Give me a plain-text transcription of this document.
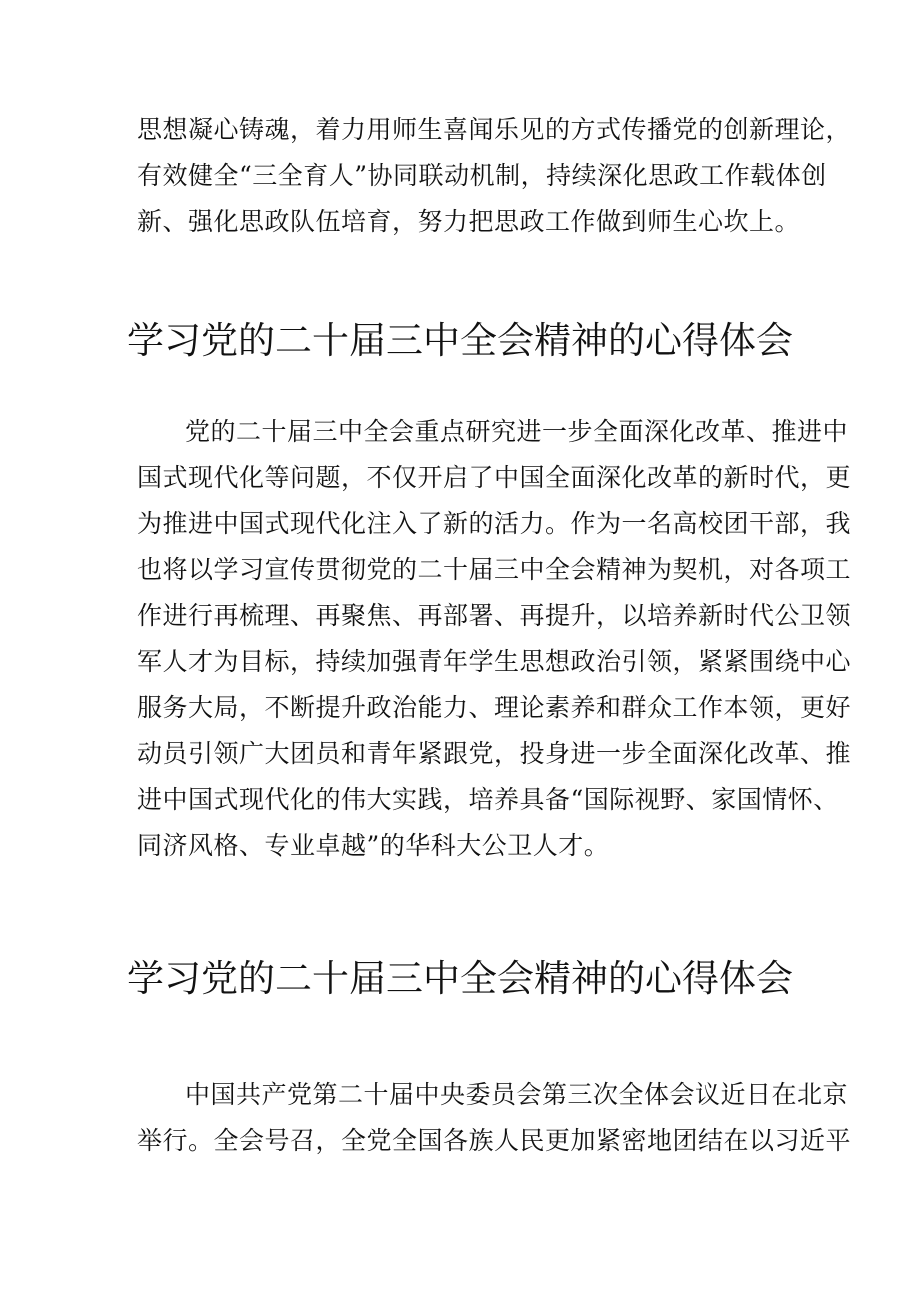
思想凝心铸魂，着力用师生喜闻乐见的方式传播党的创新理论，
有效健全“三全育人”协同联动机制，持续深化思政工作载体创
新、强化思政队伍培育，努力把思政工作做到师生心坎上。
学习党的二十届三中全会精神的心得体会
党的二十届三中全会重点研究进一步全面深化改革、推进中
国式现代化等问题，不仅开启了中国全面深化改革的新时代，更
为推进中国式现代化注入了新的活力。作为一名高校团干部，我
也将以学习宣传贯彻党的二十届三中全会精神为契机，对各项工
作进行再梳理、再聚焦、再部署、再提升，以培养新时代公卫领
军人才为目标，持续加强青年学生思想政治引领，紧紧围绕中心
服务大局，不断提升政治能力、理论素养和群众工作本领，更好
动员引领广大团员和青年紧跟党，投身进一步全面深化改革、推
进中国式现代化的伟大实践，培养具备“国际视野、家国情怀、
同济风格、专业卓越”的华科大公卫人才。
学习党的二十届三中全会精神的心得体会
中国共产党第二十届中央委员会第三次全体会议近日在北京
举行。全会号召，全党全国各族人民更加紧密地团结在以习近平
